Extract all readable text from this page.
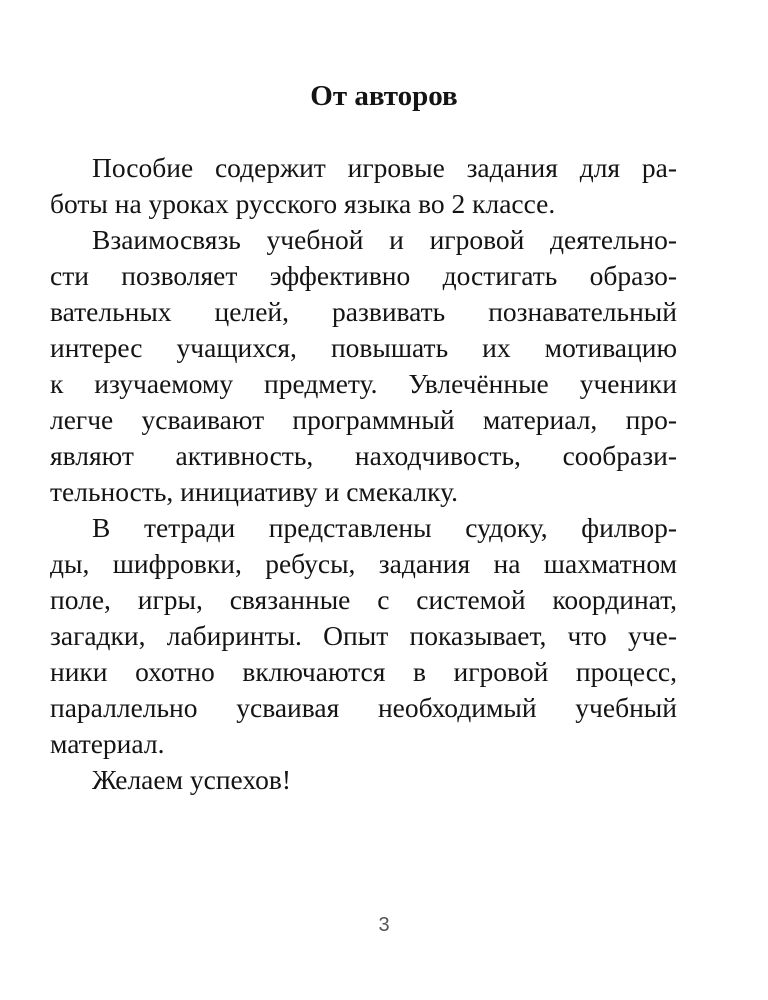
От авторов
Пособие содержит игровые задания для ра-
боты на уроках русского языка во 2 классе.
Взаимосвязь учебной и игровой деятельно-
сти позволяет эффективно достигать образо-
вательных целей, развивать познавательный
интерес учащихся, повышать их мотивацию
к изучаемому предмету. Увлечённые ученики
легче усваивают программный материал, про-
являют активность, находчивость, сообрази-
тельность, инициативу и смекалку.
В тетради представлены судоку, филвор-
ды, шифровки, ребусы, задания на шахматном
поле, игры, связанные с системой координат,
загадки, лабиринты. Опыт показывает, что уче-
ники охотно включаются в игровой процесс,
параллельно усваивая необходимый учебный
материал.
Желаем успехов!
3
